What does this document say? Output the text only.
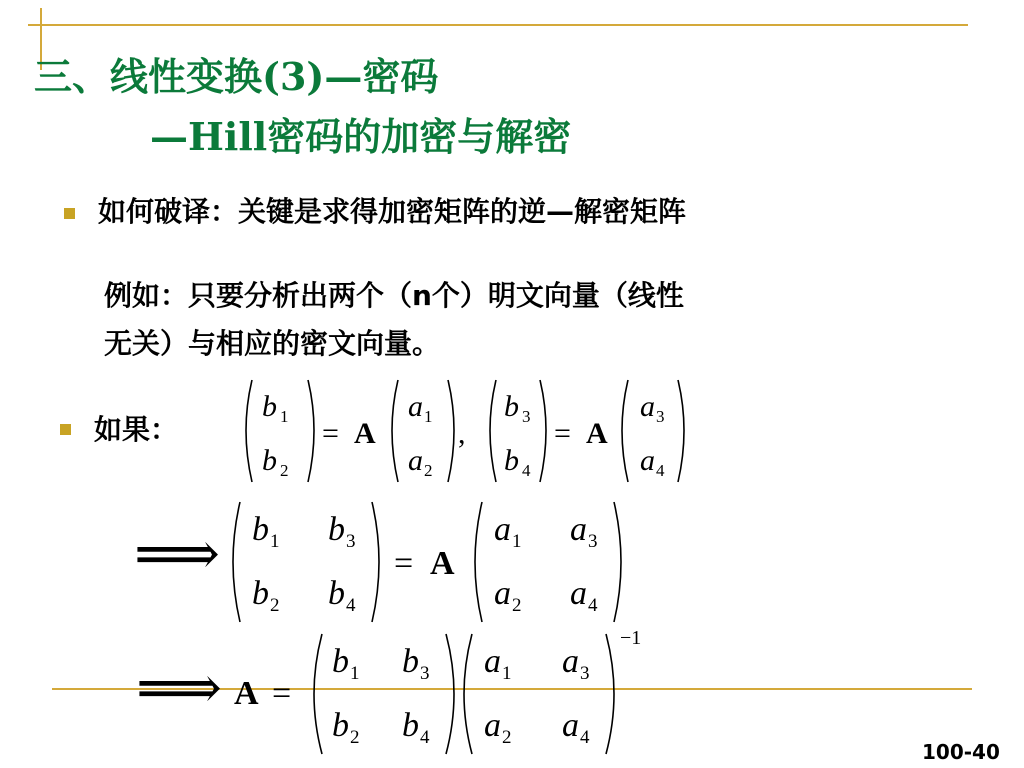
三、线性变换(3)—密码
—Hill密码的加密与解密
如何破译：关键是求得加密矩阵的逆—解密矩阵
例如：只要分析出两个（n个）明文向量（线性
无关）与相应的密文向量。
如果：
b 1
b 2
= A
a 1
a 2
,
b 3
b 4
= A
a 3
a 4
⟹ b 1 b 3
b 2 b 4
= A
a 1 a 3
a 2 a 4
⟹ A =
b 1 b 3
b 2 b 4
a 1 a 3
a 2 a 4
−1
100-40
